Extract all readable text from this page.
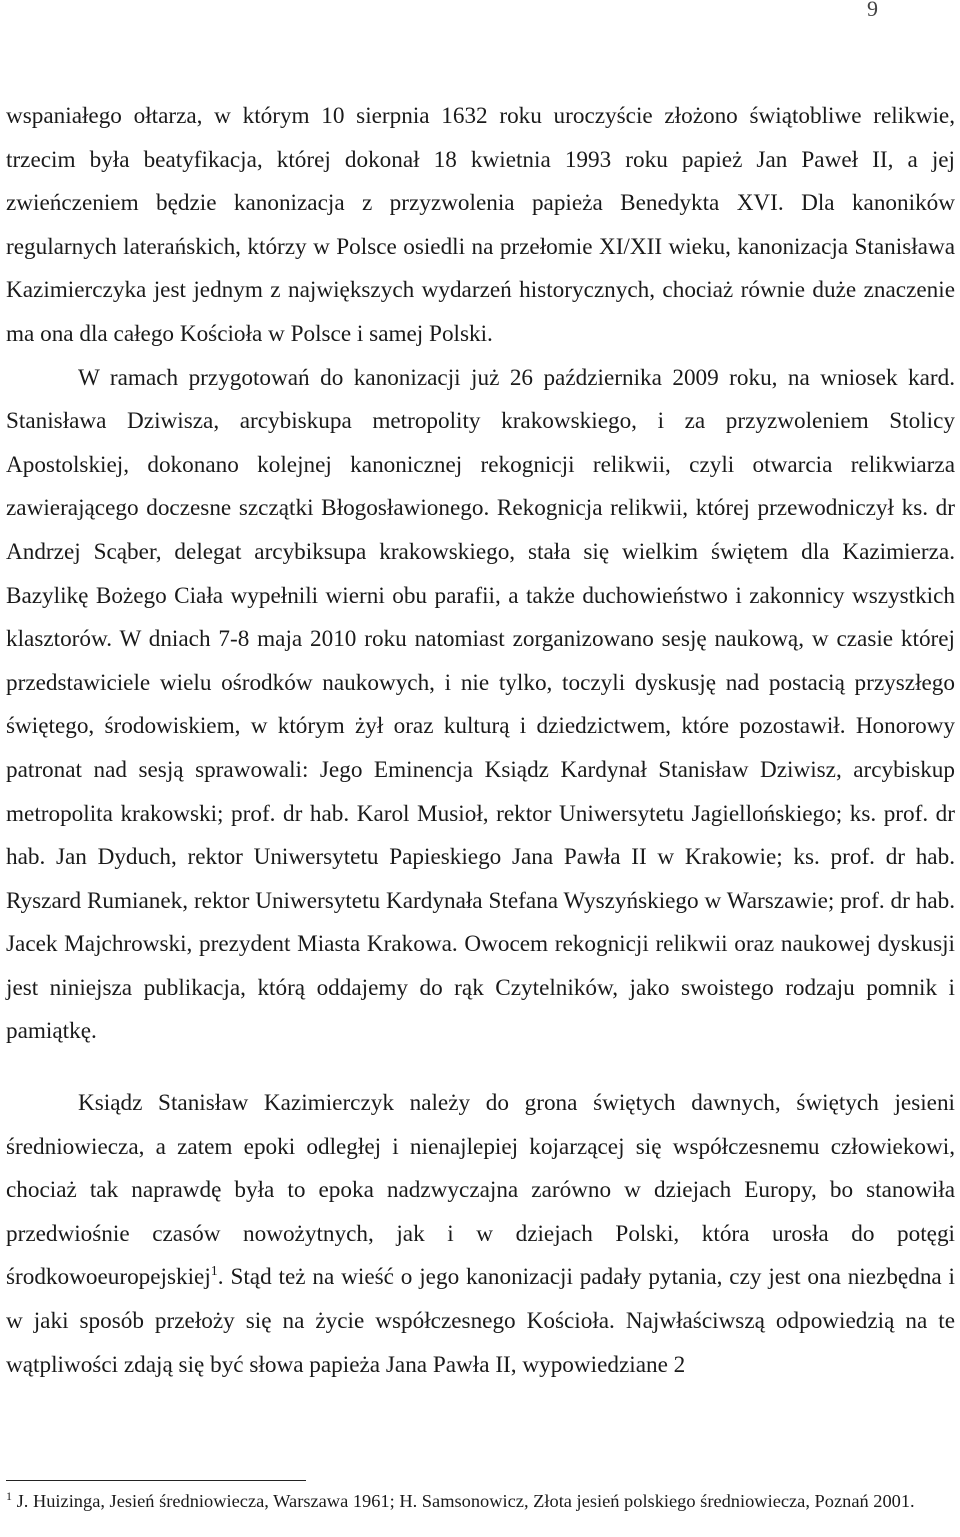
9

wspaniałego ołtarza, w którym 10 sierpnia 1632 roku uroczyście złożono świątobliwe relikwie, trzecim była beatyfikacja, której dokonał 18 kwietnia 1993 roku papież Jan Paweł II, a jej zwieńczeniem będzie kanonizacja z przyzwolenia papieża Benedykta XVI. Dla kanoników regularnych laterańskich, którzy w Polsce osiedli na przełomie XI/XII wieku, kanonizacja Stanisława Kazimierczyka jest jednym z największych wydarzeń historycznych, chociaż równie duże znaczenie ma ona dla całego Kościoła w Polsce i samej Polski.

W ramach przygotowań do kanonizacji już 26 października 2009 roku, na wniosek kard. Stanisława Dziwisza, arcybiskupa metropolity krakowskiego, i za przyzwoleniem Stolicy Apostolskiej, dokonano kolejnej kanonicznej rekognicji relikwii, czyli otwarcia relikwiarza zawierającego doczesne szczątki Błogosławionego. Rekognicja relikwii, której przewodniczył ks. dr Andrzej Scąber, delegat arcybiksupa krakowskiego, stała się wielkim świętem dla Kazimierza. Bazylikę Bożego Ciała wypełnili wierni obu parafii, a także duchowieństwo i zakonnicy wszystkich klasztorów. W dniach 7-8 maja 2010 roku natomiast zorganizowano sesję naukową, w czasie której przedstawiciele wielu ośrodków naukowych, i nie tylko, toczyli dyskusję nad postacią przyszłego świętego, środowiskiem, w którym żył oraz kulturą i dziedzictwem, które pozostawił. Honorowy patronat nad sesją sprawowali: Jego Eminencja Ksiądz Kardynał Stanisław Dziwisz, arcybiskup metropolita krakowski; prof. dr hab. Karol Musioł, rektor Uniwersytetu Jagiellońskiego; ks. prof. dr hab. Jan Dyduch, rektor Uniwersytetu Papieskiego Jana Pawła II w Krakowie; ks. prof. dr hab. Ryszard Rumianek, rektor Uniwersytetu Kardynała Stefana Wyszyńskiego w Warszawie; prof. dr hab. Jacek Majchrowski, prezydent Miasta Krakowa. Owocem rekognicji relikwii oraz naukowej dyskusji jest niniejsza publikacja, którą oddajemy do rąk Czytelników, jako swoistego rodzaju pomnik i pamiątkę.

Ksiądz Stanisław Kazimierczyk należy do grona świętych dawnych, świętych jesieni średniowiecza, a zatem epoki odległej i nienajlepiej kojarzącej się współczesnemu człowiekowi, chociaż tak naprawdę była to epoka nadzwyczajna zarówno w dziejach Europy, bo stanowiła przedwiośnie czasów nowożytnych, jak i w dziejach Polski, która urosła do potęgi środkowoeuropejskiej$^1$. Stąd też na wieść o jego kanonizacji padały pytania, czy jest ona niezbędna i w jaki sposób przełoży się na życie współczesnego Kościoła. Najwłaściwszą odpowiedzią na te wątpliwości zdają się być słowa papieża Jana Pawła II, wypowiedziane 2

$^1$ J. Huizinga, Jesień średniowiecza, Warszawa 1961; H. Samsonowicz, Złota jesień polskiego średniowiecza, Poznań 2001.
